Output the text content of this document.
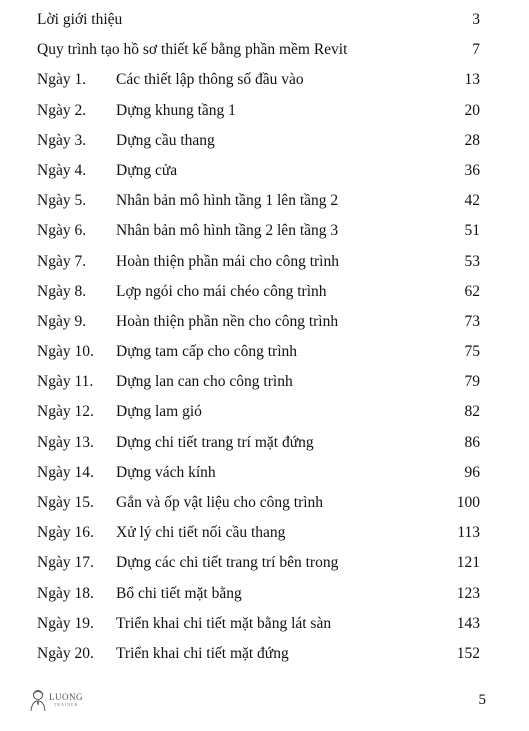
Lời giới thiệu	3
Quy trình tạo hồ sơ thiết kế bằng phần mềm Revit	7
Ngày 1. Các thiết lập thông số đầu vào	13
Ngày 2. Dựng khung tầng 1	20
Ngày 3. Dựng cầu thang	28
Ngày 4. Dựng cửa	36
Ngày 5. Nhân bản mô hình tầng 1 lên tầng 2	42
Ngày 6. Nhân bản mô hình tầng 2 lên tầng 3	51
Ngày 7. Hoàn thiện phần mái cho công trình	53
Ngày 8. Lợp ngói cho mái chéo công trình	62
Ngày 9. Hoàn thiện phần nền cho công trình	73
Ngày 10. Dựng tam cấp cho công trình	75
Ngày 11. Dựng lan can cho công trình	79
Ngày 12. Dựng lam gió	82
Ngày 13. Dựng chi tiết trang trí mặt đứng	86
Ngày 14. Dựng vách kính	96
Ngày 15. Gắn và ốp vật liệu cho công trình	100
Ngày 16. Xử lý chi tiết nối cầu thang	113
Ngày 17. Dựng các chi tiết trang trí bên trong	121
Ngày 18. Bổ chi tiết mặt bằng	123
Ngày 19. Triển khai chi tiết mặt bằng lát sàn	143
Ngày 20. Triển khai chi tiết mặt đứng	152
LUONG
TRAINER	5
